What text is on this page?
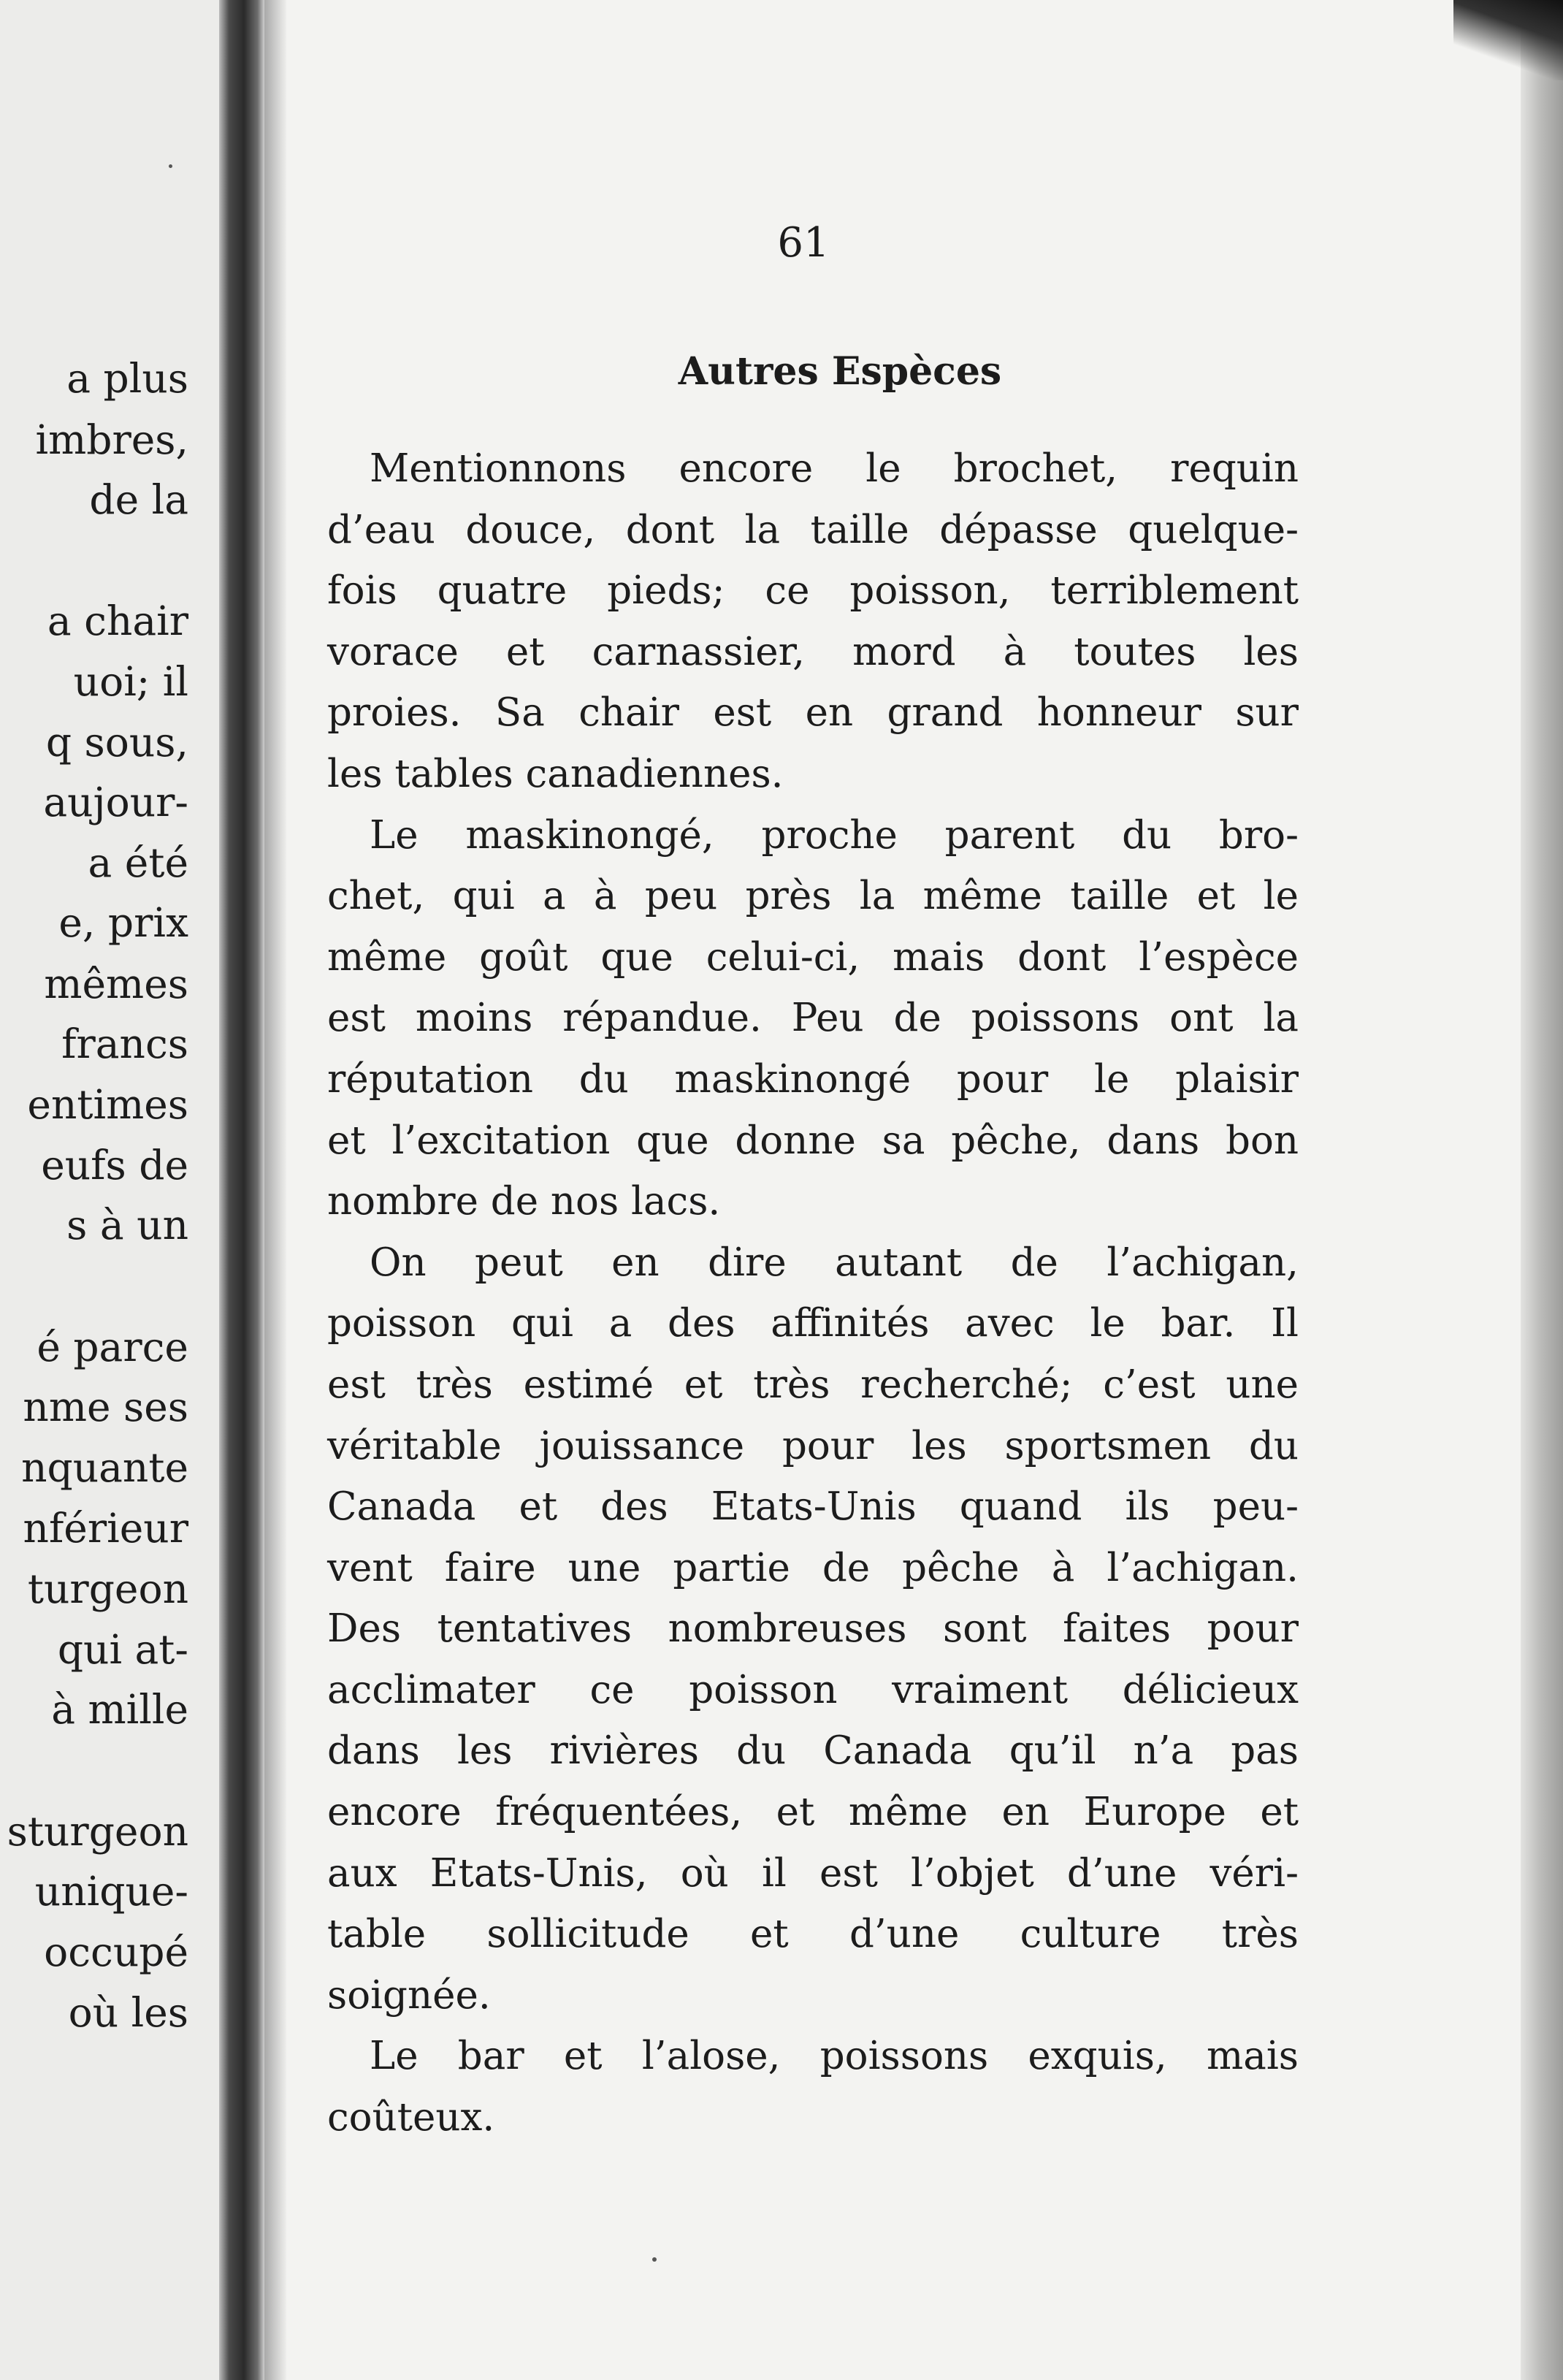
a plus
imbres,
de la
a chair
uoi; il
q sous,
aujour-
a été
e, prix
mêmes
francs
entimes
eufs de
s à un
é parce
nme ses
nquante
nférieur
turgeon
qui at-
à mille
sturgeon
unique-
occupé
où les
61
Autres Espèces
Mentionnons encore le brochet, requin
d’eau douce, dont la taille dépasse quelque-
fois quatre pieds; ce poisson, terriblement
vorace et carnassier, mord à toutes les
proies. Sa chair est en grand honneur sur
les tables canadiennes.
Le maskinongé, proche parent du bro-
chet, qui a à peu près la même taille et le
même goût que celui-ci, mais dont l’espèce
est moins répandue. Peu de poissons ont la
réputation du maskinongé pour le plaisir
et l’excitation que donne sa pêche, dans bon
nombre de nos lacs.
On peut en dire autant de l’achigan,
poisson qui a des affinités avec le bar. Il
est très estimé et très recherché; c’est une
véritable jouissance pour les sportsmen du
Canada et des Etats-Unis quand ils peu-
vent faire une partie de pêche à l’achigan.
Des tentatives nombreuses sont faites pour
acclimater ce poisson vraiment délicieux
dans les rivières du Canada qu’il n’a pas
encore fréquentées, et même en Europe et
aux Etats-Unis, où il est l’objet d’une véri-
table sollicitude et d’une culture très
soignée.
Le bar et l’alose, poissons exquis, mais
coûteux.
